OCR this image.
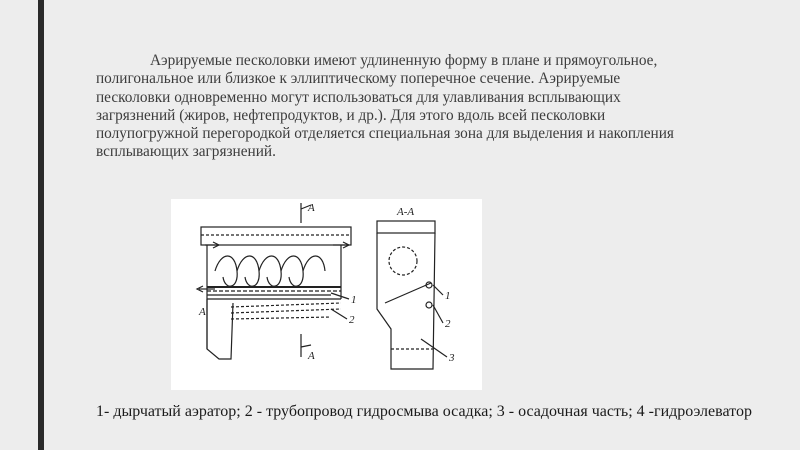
Аэрируемые песколовки имеют удлиненную форму в плане и прямоугольное, полигональное или близкое к эллиптическому поперечное сечение. Аэрируемые песколовки одновременно могут использоваться для улавливания всплывающих загрязнений (жиров, нефтепродуктов, и др.). Для этого вдоль всей песколовки полупогружной перегородкой отделяется специальная зона для выделения и накопления всплывающих загрязнений.

А
А
А
1
2
А-А
1
2
3

1- дырчатый аэратор; 2 - трубопровод гидросмыва осадка; 3 - осадочная часть; 4 -гидроэлеватор
